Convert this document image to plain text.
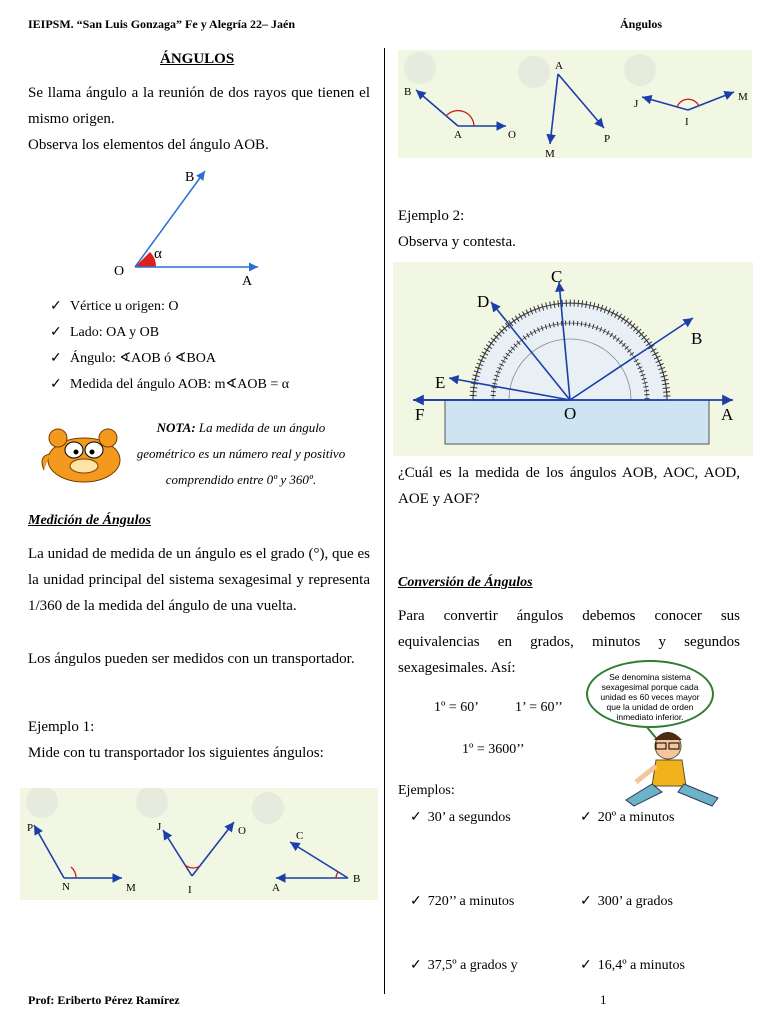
IEIPSM. “San Luis Gonzaga” Fe y Alegría 22– Jaén	Ángulos
ÁNGULOS
Se llama ángulo a la reunión de dos rayos que tienen el mismo origen.
Observa los elementos del ángulo AOB.
B
O
A
α
✓ Vértice u origen: O
✓ Lado: OA y OB
✓ Ángulo: ∢AOB ó ∢BOA
✓ Medida del ángulo AOB: m∢AOB = α
NOTA: La medida de un ángulo geométrico es un número real y positivo comprendido entre 0º y 360º.
Medición de Ángulos
La unidad de medida de un ángulo es el grado (°), que es la unidad principal del sistema sexagesimal y representa 1/360 de la medida del ángulo de una vuelta.
Los ángulos pueden ser medidos con un transportador.
Ejemplo 1:
Mide con tu transportador los siguientes ángulos:
P
N	M
J
I
O	C
A
B
B
A	O
A
M
P
J
I
M
Ejemplo 2:
Observa y contesta.
C
D
B
E
F	O	A
¿Cuál es la medida de los ángulos AOB, AOC, AOD, AOE y AOF?
Conversión de Ángulos
Para convertir ángulos debemos conocer sus equivalencias en grados, minutos y segundos sexagesimales. Así:
Se denomina sistema sexagesimal porque cada unidad es 60 veces mayor que la unidad de orden inmediato inferior.
1º = 60’	1’ = 60’’
1º = 3600’’
Ejemplos:
✓ 30’ a segundos	✓ 20º a minutos
✓ 720’’ a minutos	✓ 300’ a grados
✓ 37,5º a grados y	✓ 16,4º a minutos
Prof: Eriberto Pérez Ramírez	1
